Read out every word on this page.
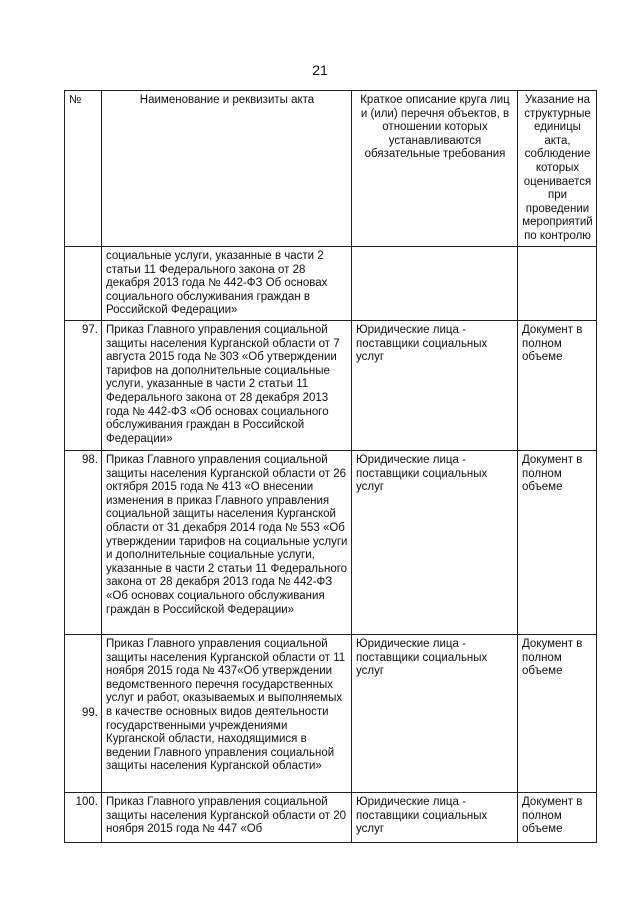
21
№	Наименование и реквизиты акта	Краткое описание круга лиц и (или) перечня объектов, в отношении которых устанавливаются обязательные требования	Указание на структурные единицы акта, соблюдение которых оценивается при проведении мероприятий по контролю
	социальные услуги, указанные в части 2 статьи 11 Федерального закона от 28 декабря 2013 года № 442-ФЗ Об основах социального обслуживания граждан в Российской Федерации»		
97.	Приказ Главного управления социальной защиты населения Курганской области от 7 августа 2015 года № 303 «Об утверждении тарифов на дополнительные социальные услуги, указанные в части 2 статьи 11 Федерального закона от 28 декабря 2013 года № 442-ФЗ «Об основах социального обслуживания граждан в Российской Федерации»	Юридические лица - поставщики социальных услуг	Документ в полном объеме
98.	Приказ Главного управления социальной защиты населения Курганской области от 26 октября 2015 года № 413 «О внесении изменения в приказ Главного управления социальной защиты населения Курганской области от 31 декабря 2014 года № 553 «Об утверждении тарифов на социальные услуги и дополнительные социальные услуги, указанные в части 2 статьи 11 Федерального закона от 28 декабря 2013 года № 442-ФЗ «Об основах социального обслуживания граждан в Российской Федерации»	Юридические лица - поставщики социальных услуг	Документ в полном объеме
99.	Приказ Главного управления социальной защиты населения Курганской области от 11 ноября 2015 года № 437«Об утверждении ведомственного перечня государственных услуг и работ, оказываемых и выполняемых в качестве основных видов деятельности государственными учреждениями Курганской области, находящимися в ведении Главного управления социальной защиты населения Курганской области»	Юридические лица - поставщики социальных услуг	Документ в полном объеме
100.	Приказ Главного управления социальной защиты населения Курганской области от 20 ноября 2015 года № 447 «Об	Юридические лица - поставщики социальных услуг	Документ в полном объеме
